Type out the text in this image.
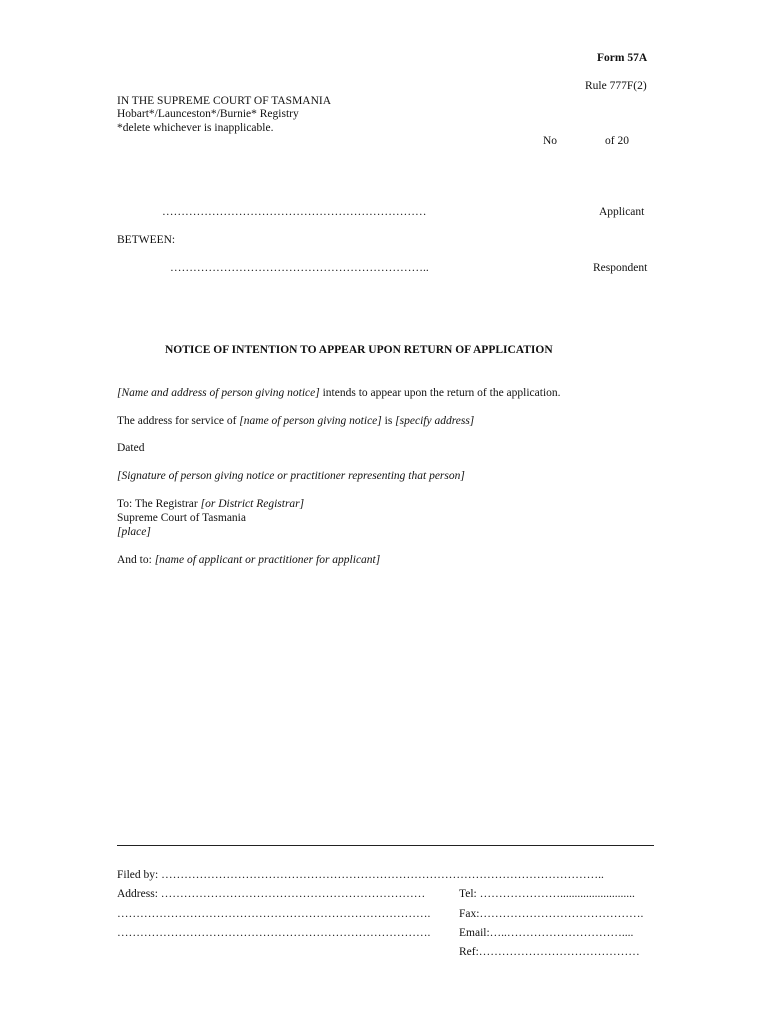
Form 57A
Rule 777F(2)
IN THE SUPREME COURT OF TASMANIA
Hobart*/Launceston*/Burnie* Registry
*delete whichever is inapplicable.
No	of 20
……………………………………………………………	Applicant
BETWEEN:
…………………………………………………………..	Respondent
NOTICE OF INTENTION TO APPEAR UPON RETURN OF APPLICATION
[Name and address of person giving notice] intends to appear upon the return of the application.
The address for service of [name of person giving notice] is [specify address]
Dated
[Signature of person giving notice or practitioner representing that person]
To: The Registrar [or District Registrar]
Supreme Court of Tasmania
[place]
And to: [name of applicant or practitioner for applicant]
Filed by: ……………………………………………………………………………………………………..
Address: ……………………………………………………………	Tel: …………………..........................
………………………………………………………………………. Fax:…………………………………….
………………………………………………………………………. Email:…..…………………………....
Ref:……………………………………
